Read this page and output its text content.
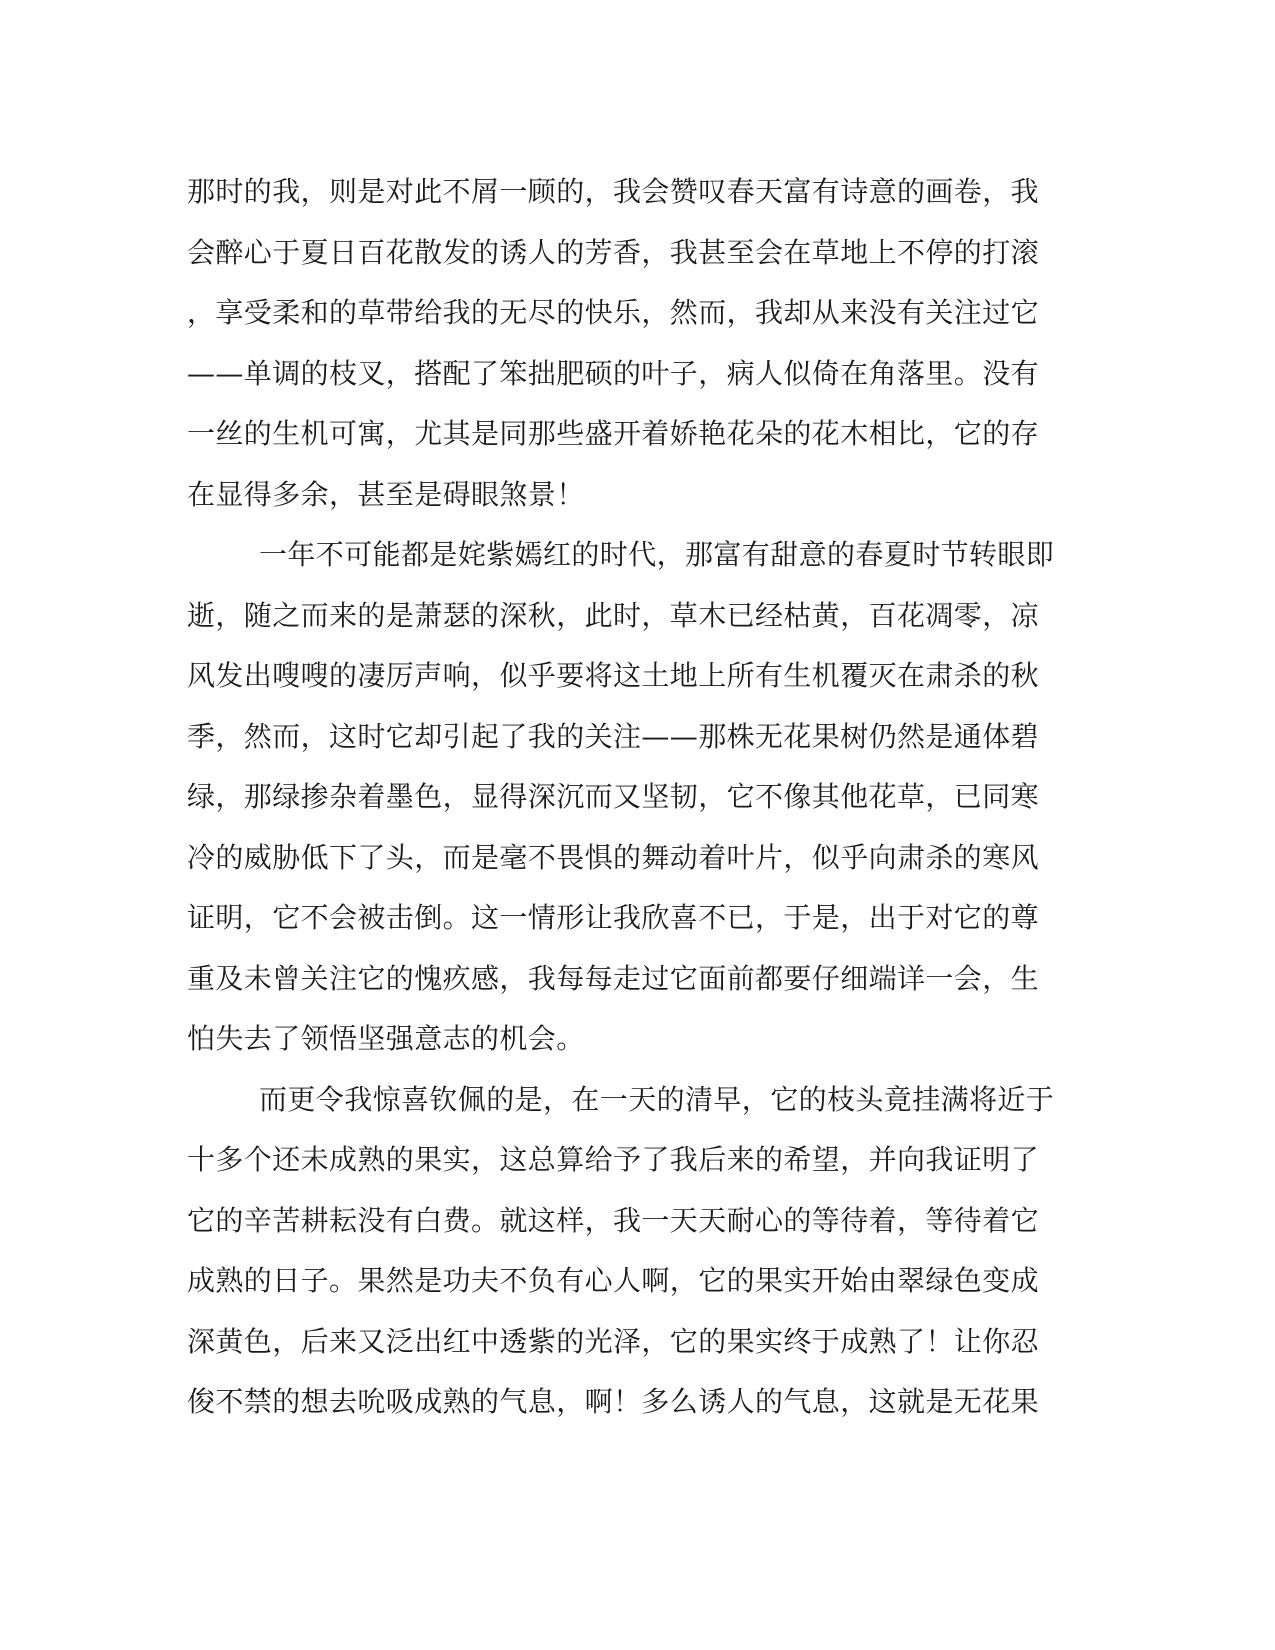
那时的我，则是对此不屑一顾的，我会赞叹春天富有诗意的画卷，我
会醉心于夏日百花散发的诱人的芳香，我甚至会在草地上不停的打滚
，享受柔和的草带给我的无尽的快乐，然而，我却从来没有关注过它
——单调的枝叉，搭配了笨拙肥硕的叶子，病人似倚在角落里。没有
一丝的生机可寓，尤其是同那些盛开着娇艳花朵的花木相比，它的存
在显得多余，甚至是碍眼煞景！
一年不可能都是姹紫嫣红的时代，那富有甜意的春夏时节转眼即
逝，随之而来的是萧瑟的深秋，此时，草木已经枯黄，百花凋零，凉
风发出嗖嗖的凄厉声响，似乎要将这土地上所有生机覆灭在肃杀的秋
季，然而，这时它却引起了我的关注——那株无花果树仍然是通体碧
绿，那绿掺杂着墨色，显得深沉而又坚韧，它不像其他花草，已同寒
冷的威胁低下了头，而是毫不畏惧的舞动着叶片，似乎向肃杀的寒风
证明，它不会被击倒。这一情形让我欣喜不已，于是，出于对它的尊
重及未曾关注它的愧疚感，我每每走过它面前都要仔细端详一会，生
怕失去了领悟坚强意志的机会。
而更令我惊喜钦佩的是，在一天的清早，它的枝头竟挂满将近于
十多个还未成熟的果实，这总算给予了我后来的希望，并向我证明了
它的辛苦耕耘没有白费。就这样，我一天天耐心的等待着，等待着它
成熟的日子。果然是功夫不负有心人啊，它的果实开始由翠绿色变成
深黄色，后来又泛出红中透紫的光泽，它的果实终于成熟了！让你忍
俊不禁的想去吮吸成熟的气息，啊！多么诱人的气息，这就是无花果
